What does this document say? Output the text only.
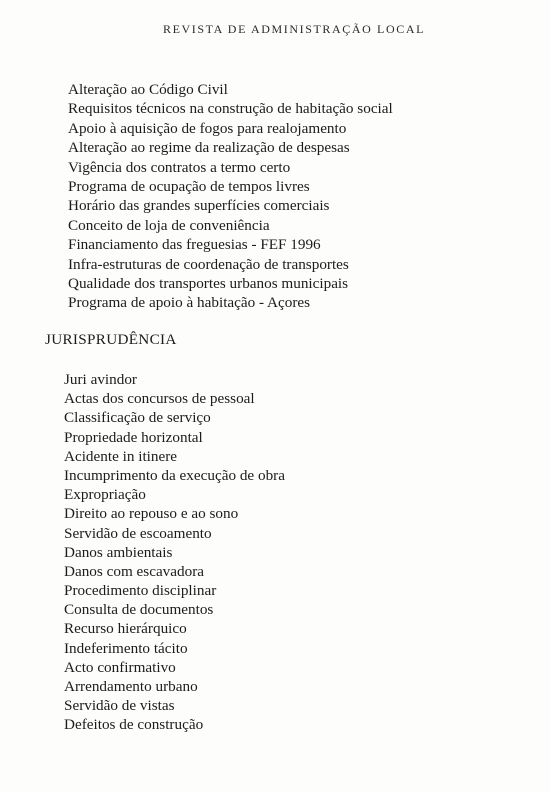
REVISTA DE ADMINISTRAÇÃO LOCAL
Alteração ao Código Civil
Requisitos técnicos na construção de habitação social
Apoio à aquisição de fogos para realojamento
Alteração ao regime da realização de despesas
Vigência dos contratos a termo certo
Programa de ocupação de tempos livres
Horário das grandes superfícies comerciais
Conceito de loja de conveniência
Financiamento das freguesias - FEF 1996
Infra-estruturas de coordenação de transportes
Qualidade dos transportes urbanos municipais
Programa de apoio à habitação - Açores
JURISPRUDÊNCIA
Juri avindor
Actas dos concursos de pessoal
Classificação de serviço
Propriedade horizontal
Acidente in itinere
Incumprimento da execução de obra
Expropriação
Direito ao repouso e ao sono
Servidão de escoamento
Danos ambientais
Danos com escavadora
Procedimento disciplinar
Consulta de documentos
Recurso hierárquico
Indeferimento tácito
Acto confirmativo
Arrendamento urbano
Servidão de vistas
Defeitos de construção
